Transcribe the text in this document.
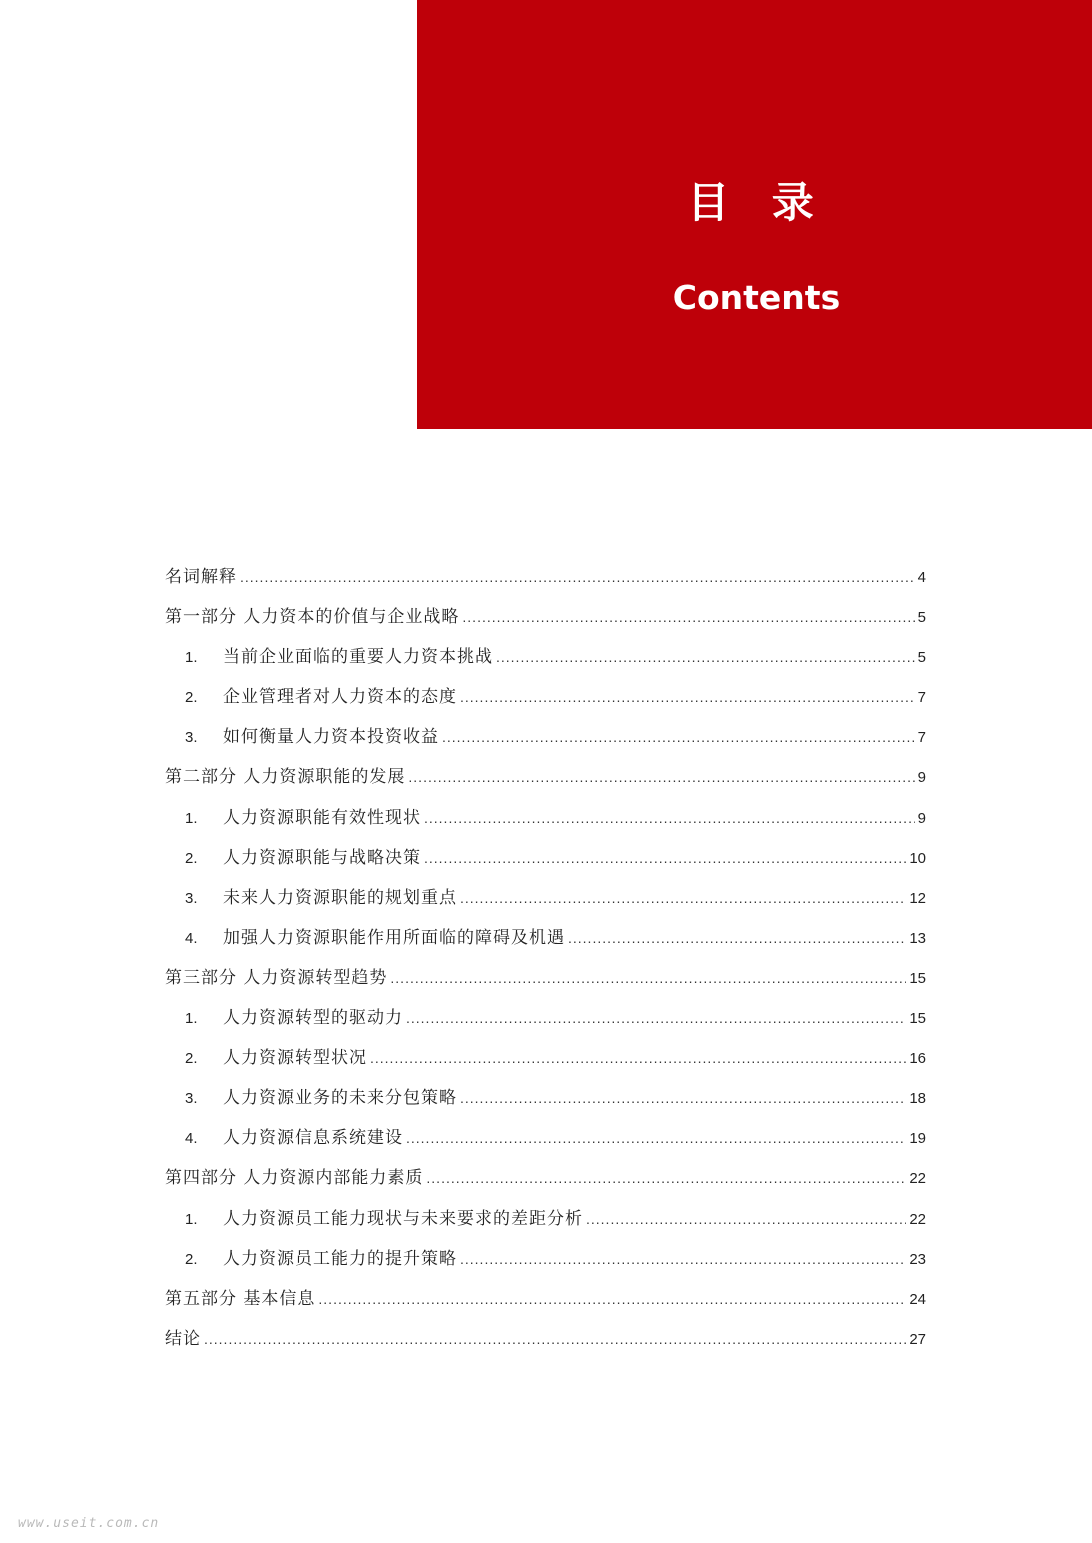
目 录
Contents
名词解释 .....	4
第一部分 人力资本的价值与企业战略 .....	5
1.	当前企业面临的重要人力资本挑战 .....	5
2.	企业管理者对人力资本的态度 .....	7
3.	如何衡量人力资本投资收益 .....	7
第二部分 人力资源职能的发展 .....	9
1.	人力资源职能有效性现状 .....	9
2.	人力资源职能与战略决策 .....	10
3.	未来人力资源职能的规划重点 .....	12
4.	加强人力资源职能作用所面临的障碍及机遇 .....	13
第三部分 人力资源转型趋势 .....	15
1.	人力资源转型的驱动力 .....	15
2.	人力资源转型状况 .....	16
3.	人力资源业务的未来分包策略 .....	18
4.	人力资源信息系统建设 .....	19
第四部分 人力资源内部能力素质 .....	22
1.	人力资源员工能力现状与未来要求的差距分析 .....	22
2.	人力资源员工能力的提升策略 .....	23
第五部分 基本信息 .....	24
结论 .....	27
www.useit.com.cn
